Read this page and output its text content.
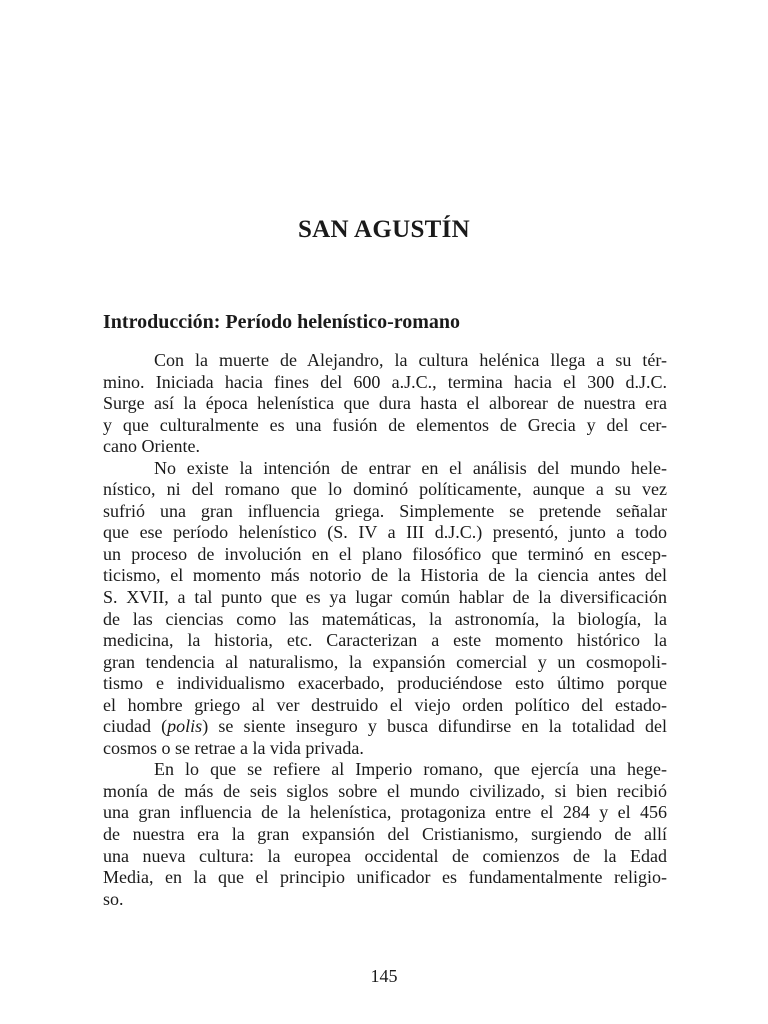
SAN AGUSTÍN
Introducción: Período helenístico-romano
Con la muerte de Alejandro, la cultura helénica llega a su tér-
mino. Iniciada hacia fines del 600 a.J.C., termina hacia el 300 d.J.C.
Surge así la época helenística que dura hasta el alborear de nuestra era
y que culturalmente es una fusión de elementos de Grecia y del cer-
cano Oriente.
No existe la intención de entrar en el análisis del mundo hele-
nístico, ni del romano que lo dominó políticamente, aunque a su vez
sufrió una gran influencia griega. Simplemente se pretende señalar
que ese período helenístico (S. IV a III d.J.C.) presentó, junto a todo
un proceso de involución en el plano filosófico que terminó en escep-
ticismo, el momento más notorio de la Historia de la ciencia antes del
S. XVII, a tal punto que es ya lugar común hablar de la diversificación
de las ciencias como las matemáticas, la astronomía, la biología, la
medicina, la historia, etc. Caracterizan a este momento histórico la
gran tendencia al naturalismo, la expansión comercial y un cosmopoli-
tismo e individualismo exacerbado, produciéndose esto último porque
el hombre griego al ver destruido el viejo orden político del estado-
ciudad (polis) se siente inseguro y busca difundirse en la totalidad del
cosmos o se retrae a la vida privada.
En lo que se refiere al Imperio romano, que ejercía una hege-
monía de más de seis siglos sobre el mundo civilizado, si bien recibió
una gran influencia de la helenística, protagoniza entre el 284 y el 456
de nuestra era la gran expansión del Cristianismo, surgiendo de allí
una nueva cultura: la europea occidental de comienzos de la Edad
Media, en la que el principio unificador es fundamentalmente religio-
so.
145
